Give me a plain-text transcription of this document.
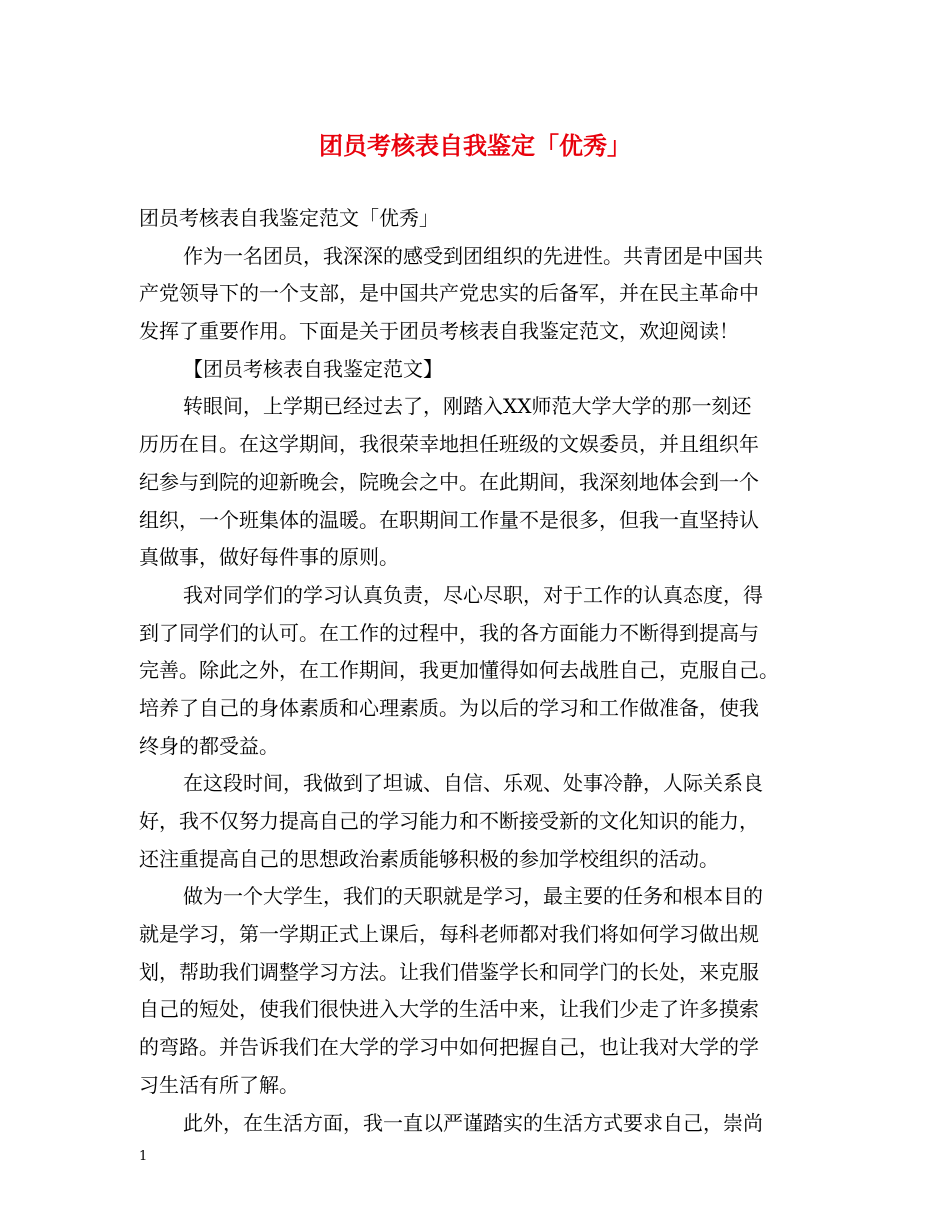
团员考核表自我鉴定「优秀」
团员考核表自我鉴定范文「优秀」
作为一名团员，我深深的感受到团组织的先进性。共青团是中国共
产党领导下的一个支部，是中国共产党忠实的后备军，并在民主革命中
发挥了重要作用。下面是关于团员考核表自我鉴定范文，欢迎阅读！
【团员考核表自我鉴定范文】
转眼间，上学期已经过去了，刚踏入XX师范大学大学的那一刻还
历历在目。在这学期间，我很荣幸地担任班级的文娱委员，并且组织年
纪参与到院的迎新晚会，院晚会之中。在此期间，我深刻地体会到一个
组织，一个班集体的温暖。在职期间工作量不是很多，但我一直坚持认
真做事，做好每件事的原则。
我对同学们的学习认真负责，尽心尽职，对于工作的认真态度，得
到了同学们的认可。在工作的过程中，我的各方面能力不断得到提高与
完善。除此之外，在工作期间，我更加懂得如何去战胜自己，克服自己。
培养了自己的身体素质和心理素质。为以后的学习和工作做准备，使我
终身的都受益。
在这段时间，我做到了坦诚、自信、乐观、处事冷静，人际关系良
好，我不仅努力提高自己的学习能力和不断接受新的文化知识的能力，
还注重提高自己的思想政治素质能够积极的参加学校组织的活动。
做为一个大学生，我们的天职就是学习，最主要的任务和根本目的
就是学习，第一学期正式上课后，每科老师都对我们将如何学习做出规
划，帮助我们调整学习方法。让我们借鉴学长和同学门的长处，来克服
自己的短处，使我们很快进入大学的生活中来，让我们少走了许多摸索
的弯路。并告诉我们在大学的学习中如何把握自己，也让我对大学的学
习生活有所了解。
此外，在生活方面，我一直以严谨踏实的生活方式要求自己，崇尚
1
